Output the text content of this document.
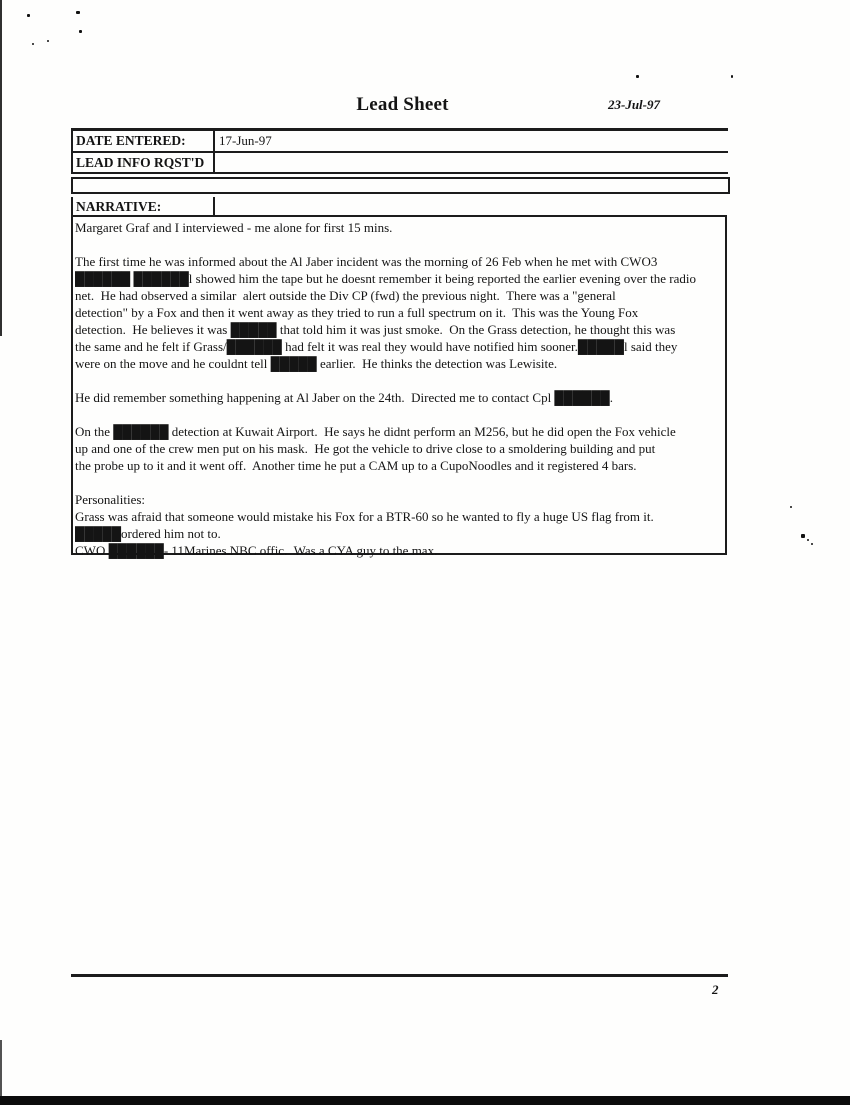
Lead Sheet	23-Jul-97
DATE ENTERED:	17-Jun-97
LEAD INFO RQST'D
NARRATIVE:
Margaret Graf and I interviewed - me alone for first 15 mins.
The first time he was informed about the Al Jaber incident was the morning of 26 Feb when he met with CWO3
██████ ██████l showed him the tape but he doesnt remember it being reported the earlier evening over the radio
net.  He had observed a similar  alert outside the Div CP (fwd) the previous night.  There was a "general
detection" by a Fox and then it went away as they tried to run a full spectrum on it.  This was the Young Fox
detection.  He believes it was █████ that told him it was just smoke.  On the Grass detection, he thought this was
the same and he felt if Grass/██████ had felt it was real they would have notified him sooner.█████l said they
were on the move and he couldnt tell █████ earlier.  He thinks the detection was Lewisite.
He did remember something happening at Al Jaber on the 24th.  Directed me to contact Cpl ██████.
On the ██████ detection at Kuwait Airport.  He says he didnt perform an M256, but he did open the Fox vehicle
up and one of the crew men put on his mask.  He got the vehicle to drive close to a smoldering building and put
the probe up to it and it went off.  Another time he put a CAM up to a CupoNoodles and it registered 4 bars.
Personalities:
Grass was afraid that someone would mistake his Fox for a BTR-60 so he wanted to fly a huge US flag from it.
█████ordered him not to.
CWO ██████- 11Marines NBC offic.  Was a CYA guy to the max.
2
